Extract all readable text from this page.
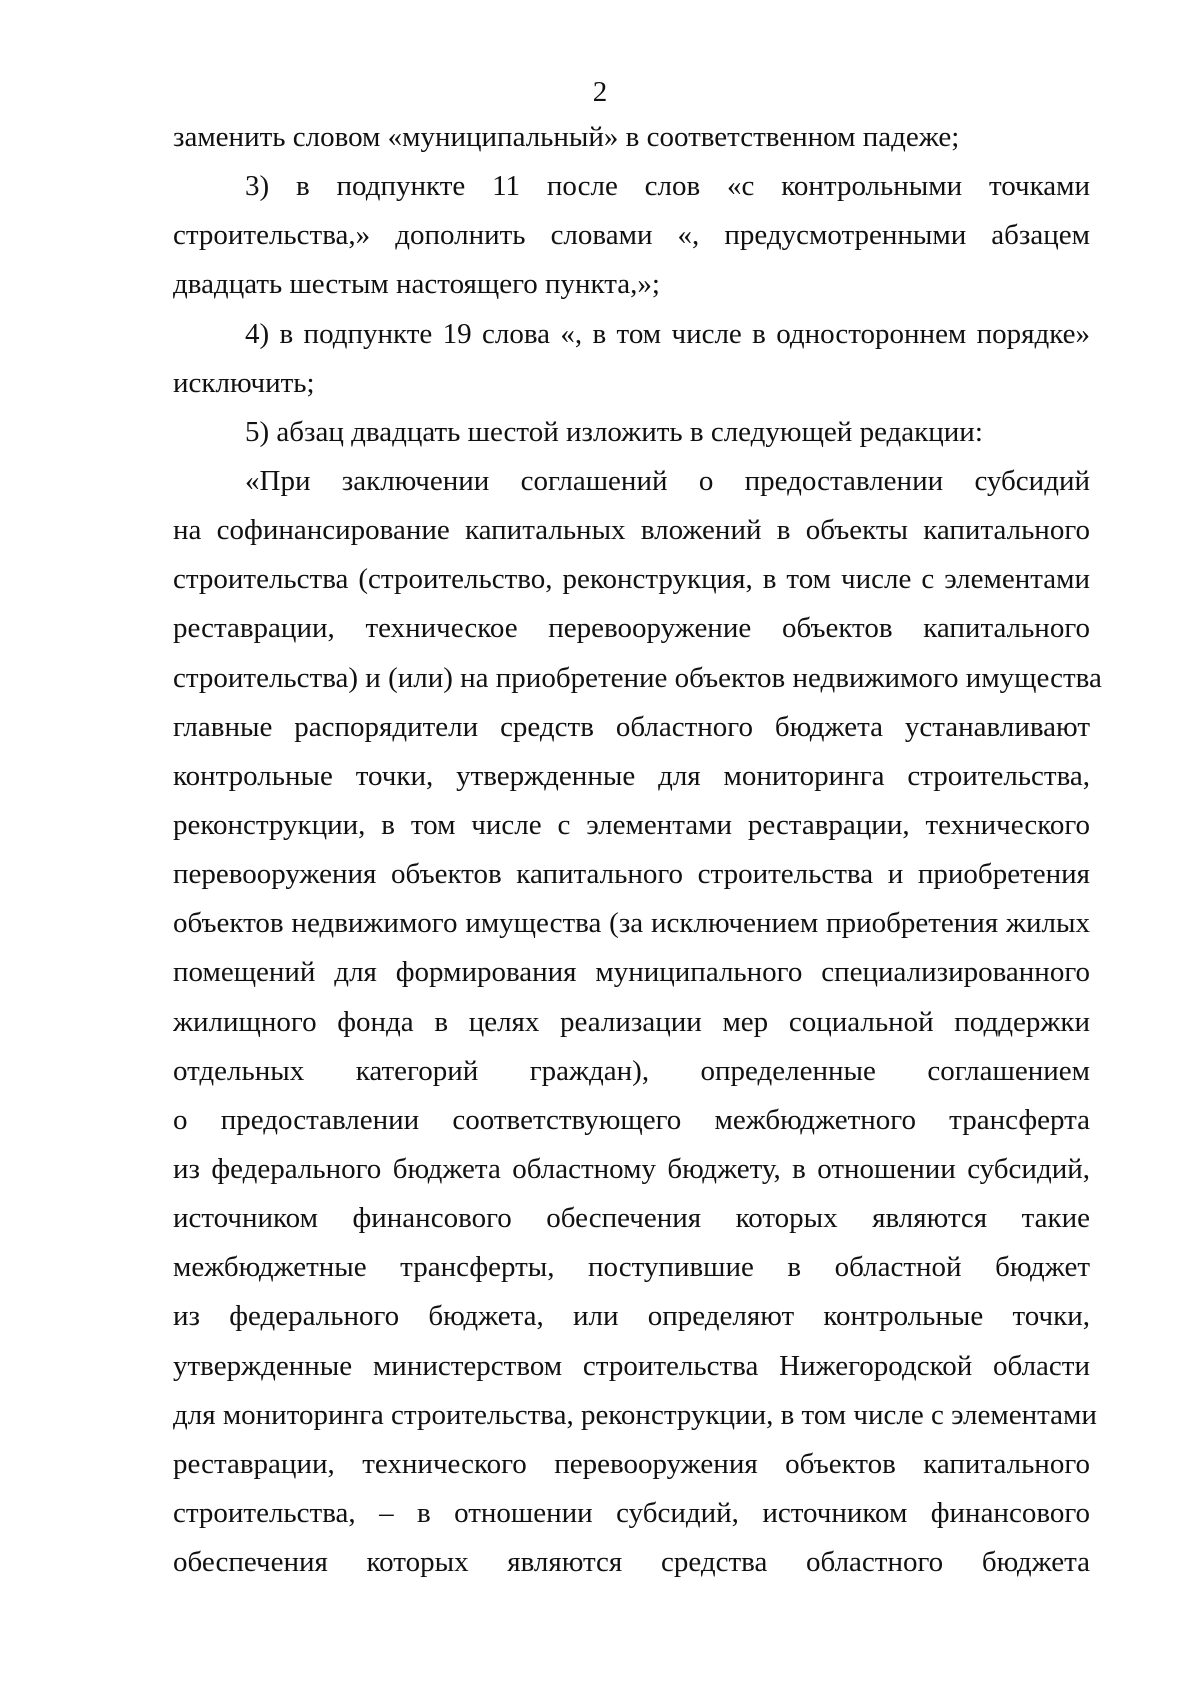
2
заменить словом «муниципальный» в соответственном падеже;
3) в подпункте 11 после слов «с контрольными точками
строительства,» дополнить словами «, предусмотренными абзацем
двадцать шестым настоящего пункта,»;
4) в подпункте 19 слова «, в том числе в одностороннем порядке»
исключить;
5) абзац двадцать шестой изложить в следующей редакции:
«При заключении соглашений о предоставлении субсидий
на софинансирование капитальных вложений в объекты капитального
строительства (строительство, реконструкция, в том числе с элементами
реставрации, техническое перевооружение объектов капитального
строительства) и (или) на приобретение объектов недвижимого имущества
главные распорядители средств областного бюджета устанавливают
контрольные точки, утвержденные для мониторинга строительства,
реконструкции, в том числе с элементами реставрации, технического
перевооружения объектов капитального строительства и приобретения
объектов недвижимого имущества (за исключением приобретения жилых
помещений для формирования муниципального специализированного
жилищного фонда в целях реализации мер социальной поддержки
отдельных категорий граждан), определенные соглашением
о предоставлении соответствующего межбюджетного трансферта
из федерального бюджета областному бюджету, в отношении субсидий,
источником финансового обеспечения которых являются такие
межбюджетные трансферты, поступившие в областной бюджет
из федерального бюджета, или определяют контрольные точки,
утвержденные министерством строительства Нижегородской области
для мониторинга строительства, реконструкции, в том числе с элементами
реставрации, технического перевооружения объектов капитального
строительства, – в отношении субсидий, источником финансового
обеспечения которых являются средства областного бюджета
